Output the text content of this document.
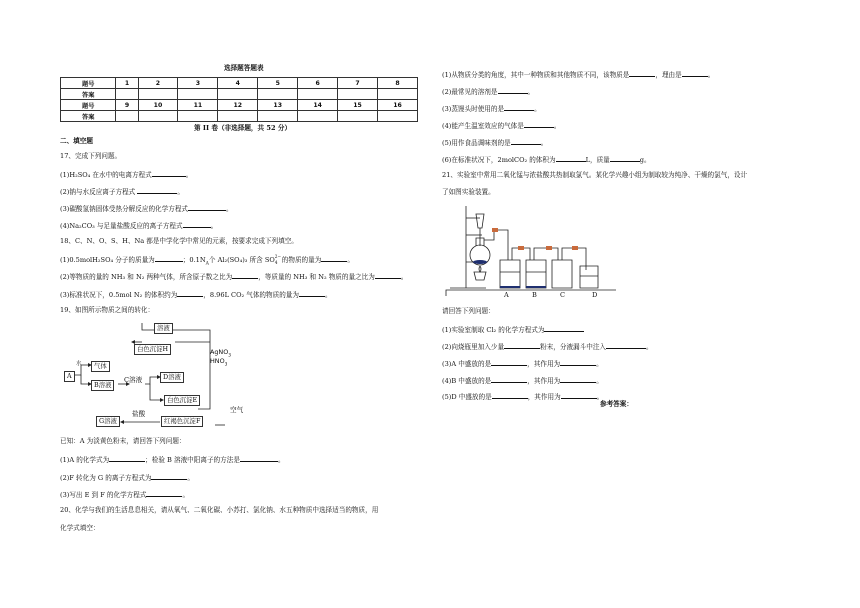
选择题答题表
题号	1	2	3	4	5	6	7	8
答案								
题号	9	10	11	12	13	14	15	16
答案								
第 II 卷（非选择题，共 52 分）
二、填空题
17、完成下列问题。
(1)H₂SO₄ 在水中的电离方程式	。
(2)钠与水反应离子方程式	。
(3)碳酸氢钠固体受热分解反应的化学方程式	。
(4)Na₂CO₃ 与足量盐酸反应的离子方程式	。
18、C、N、O、S、H、Na 都是中学化学中常见的元素，按要求完成下列填空。
(1)0.5molH₂SO₄ 分子的质量为	；$0.1N_A$个 Al₂(SO₄)₃ 所含 SO 2−
4 的物质的量为	。
(2)等物质的量的 NH₃ 和 N₂ 两种气体，所含原子数之比为	，等质量的 NH₃ 和 N₂ 物质的量之比为	。
(3)标准状况下，0.5mol N₂ 的体积约为	，8.96L CO₂ 气体的物质的量为	。
19、如图所示物质之间的转化：
溶液
白色沉淀H	AgNO$_3$
$HNO_3$
A
水	气体
B溶液
C溶液	D溶液
白色沉淀E
空气
盐酸
G溶液	红褐色沉淀F
已知：A 为淡黄色粉末，请回答下列问题：
(1)A 的化学式为	；检验 B 溶液中阳离子的方法是	。
(2)F 转化为 G 的离子方程式为	。
(3)写出 E 到 F 的化学方程式	。
20、化学与我们的生活息息相关，请从氧气、二氧化碳、小苏打、氯化钠、水五种物质中选择适当的物质，用
化学式填空：
(1)从物质分类的角度，其中一种物质和其他物质不同，该物质是	，理由是	。
(2)最常见的溶剂是	。
(3)蒸馒头时使用的是	。
(4)能产生温室效应的气体是	。
(5)用作食品调味剂的是	。
(6)在标准状况下，2molCO₂ 的体积为	L，质量	g。
21、实验室中常用二氧化锰与浓盐酸共热制取氯气。某化学兴趣小组为制取较为纯净、干燥的氯气，设计
了如图实验装置。
A	B	C	D
请回答下列问题：
(1)实验室制取 Cl₂ 的化学方程式为
(2)向烧瓶里加入少量	粉末，分液漏斗中注入	。
(3)A 中盛放的是	，其作用为	。
(4)B 中盛放的是	，其作用为	。
(5)D 中盛放的是	，其作用为	。
参考答案：
